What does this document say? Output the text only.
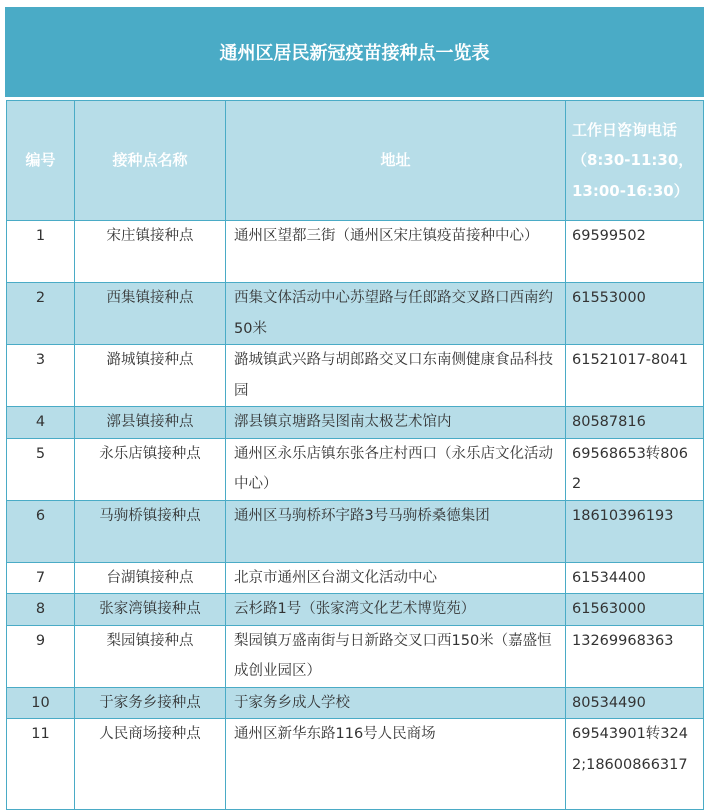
通州区居民新冠疫苗接种点一览表
编号	接种点名称	地址	工作日咨询电话（8:30-11:30，13:00-16:30）
1	宋庄镇接种点	通州区望都三街（通州区宋庄镇疫苗接种中心）	69599502
2	西集镇接种点	西集文体活动中心苏望路与任郎路交叉路口西南约50米	61553000
3	潞城镇接种点	潞城镇武兴路与胡郎路交叉口东南侧健康食品科技园	61521017-8041
4	漷县镇接种点	漷县镇京塘路吴图南太极艺术馆内	80587816
5	永乐店镇接种点	通州区永乐店镇东张各庄村西口（永乐店文化活动中心）	69568653转8062
6	马驹桥镇接种点	通州区马驹桥环宇路3号马驹桥桑德集团	18610396193
7	台湖镇接种点	北京市通州区台湖文化活动中心	61534400
8	张家湾镇接种点	云杉路1号（张家湾文化艺术博览苑）	61563000
9	梨园镇接种点	梨园镇万盛南街与日新路交叉口西150米（嘉盛恒成创业园区）	13269968363
10	于家务乡接种点	于家务乡成人学校	80534490
11	人民商场接种点	通州区新华东路116号人民商场	69543901转3242;18600866317
